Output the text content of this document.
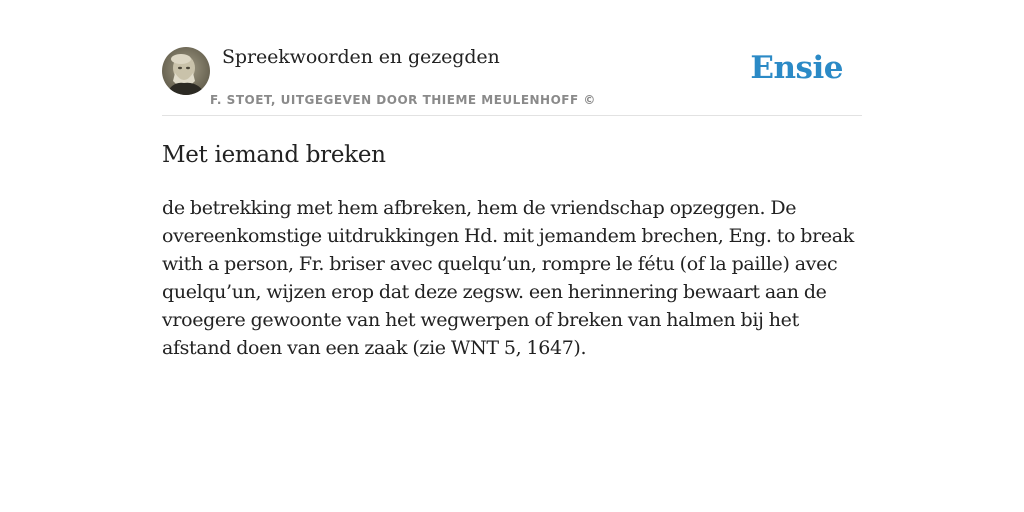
Spreekwoorden en gezegden
F. STOET, UITGEGEVEN DOOR THIEME MEULENHOFF ©
Ensie
Met iemand breken

de betrekking met hem afbreken, hem de vriendschap opzeggen. De overeenkomstige uitdrukkingen Hd. mit jemandem brechen, Eng. to break with a person, Fr. briser avec quelqu’un, rompre le fétu (of la paille) avec quelqu’un, wijzen erop dat deze zegsw. een herinnering bewaart aan de vroegere gewoonte van het wegwerpen of breken van halmen bij het afstand doen van een zaak (zie WNT 5, 1647).
